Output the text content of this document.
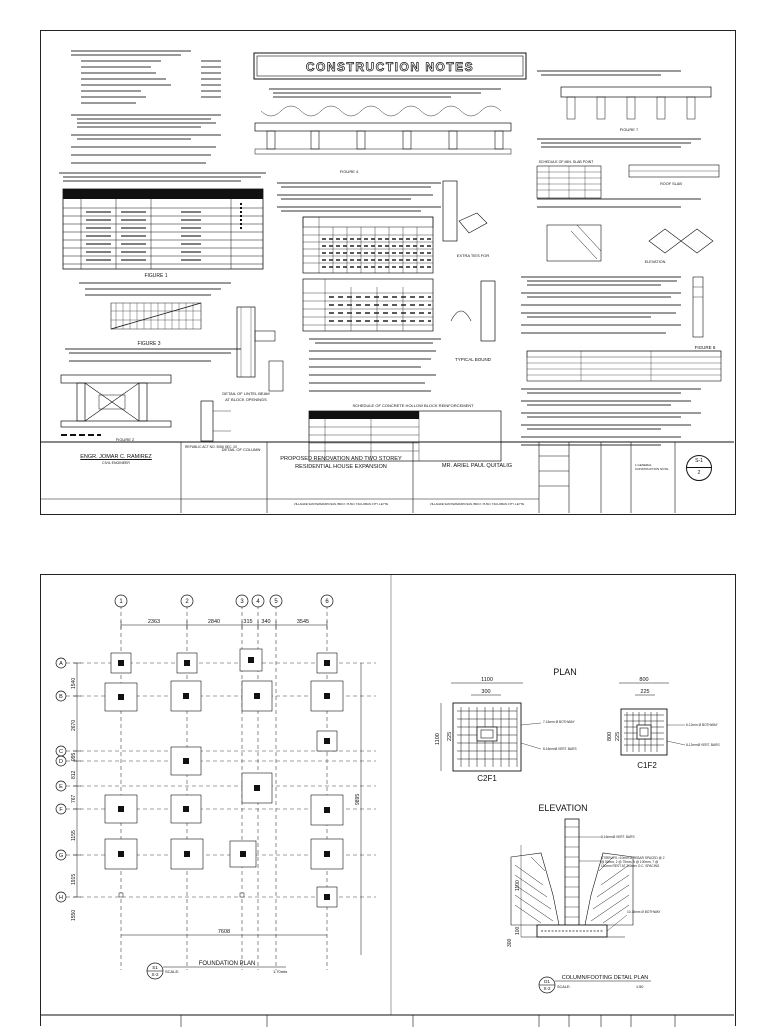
CONSTRUCTION NOTES
FIGURE 1
FIGURE 3
FIGURE 2
DETAIL OF LINTEL BEAM
AT BLOCK OPENINGS
DETAIL OF COLUMN
FIGURE 4
SCHEDULE OF CONCRETE HOLLOW BLOCK REINFORCEMENT
EXTRA TIES FOR
TYPICAL BOUND
FIGURE 7
SCHEDULE OF MIN. SLAB POINT
ROOF SLAB
ELEVATION
FIGURE 8
ENGR. JOMAR C. RAMIREZ
CIVIL ENGINEER
REPUBLIC ACT NO. 9266 SEC. 20
PROPOSED RENOVATION AND TWO STOREY
RESIDENTIAL HOUSE EXPANSION
VILLAGRE SANTAMARIAPUSAN, BRGY. PUSO, TACLOBAN CITY, LEYTE
MR. ARIEL PAUL QUITALIG
VILLAGRE SANTAMARIAPUSAN, BRGY. PUSO, TACLOBAN CITY, LEYTE
1 GENERAL CONSTRUCTION NOTE
S-1
2
1	2	3 4 5	6
A
B
C
D
E
F
G
H
2363	2840	315 340	3545
1540
2670
995
812
767
1155
1915
1550
9895
7608
S1
S-2
FOUNDATION PLAN
SCALE:	1:70mts
PLAN
1100
300
1100 225
7-16mm Ø BOTHWAY
8-16mmØ VERT. BARS
C2F1
800
225
800 225
6-12mm Ø BOTHWAY
8-12mmØ VERT. BARS
C1F2
ELEVATION
1100
100
300
8-16mmØ VERT. BARS
STIRRUPS =10mm Ø REBAR SPACED @ 2 @ 50mm, 2 @ 75mm, 5 @ 100mm, 7 @ 150mm REST AT 200mm O.C. SPACING
10-16mm Ø BOTHWAY
D1
S-2
COLUMN/FOOTING DETAIL PLAN
SCALE:	1:50
